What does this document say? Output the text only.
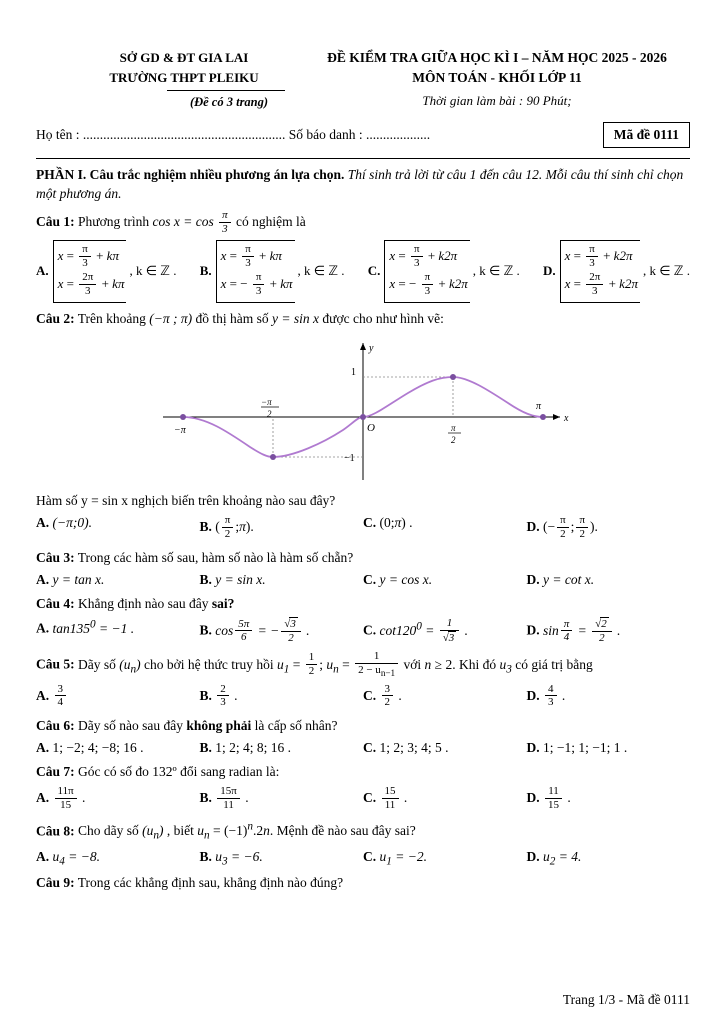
SỞ GD & ĐT GIA LAI
TRƯỜNG THPT PLEIKU
(Đề có 3 trang)
ĐỀ KIỂM TRA GIỮA HỌC KÌ I – NĂM HỌC 2025 - 2026
MÔN TOÁN - KHỐI LỚP 11
Thời gian làm bài : 90 Phút;
Họ tên : ............................................................ Số báo danh : ...................	Mã đề 0111

PHẦN I. Câu trắc nghiệm nhiều phương án lựa chọn. Thí sinh trả lời từ câu 1 đến câu 12. Mỗi câu thí sinh chỉ chọn một phương án.

Câu 1: Phương trình $\cos x = \cos \frac{\pi}{3}$ có nghiệm là

A.
$x = \frac{\pi}{3} + k\pi$
$x = \frac{2\pi}{3} + k\pi$
, k ∈ ℤ . B.
$x = \frac{\pi}{3} + k\pi$
x = − $\frac{\pi}{3} + k\pi$
, k ∈ ℤ . C.
$x = \frac{\pi}{3} + k2\pi$
x = − $\frac{\pi}{3} + k2\pi$
, k ∈ ℤ . D.
$x = \frac{\pi}{3} + k2\pi$
$x = \frac{2\pi}{3} + k2\pi$
, k ∈ ℤ .

Câu 2: Trên khoảng (−π ; π) đồ thị hàm số y = sin x được cho như hình vẽ:

−π
−π
2
π
2
π
1
−1
O
x
y

Hàm số y = sin x nghịch biến trên khoảng nào sau đây?

A. (−π;0).	B. ( $\frac{\pi}{2}$ ;π).	C. (0;π) .	D. (− $\frac{\pi}{2}$ ; $\frac{\pi}{2}$ ).

Câu 3: Trong các hàm số sau, hàm số nào là hàm số chẵn?

A. y = tan x.	B. y = sin x.	C. y = cos x.	D. y = cot x.

Câu 4: Khẳng định nào sau đây sai?

A. $\tan 135^0 = -1$ .	B. $\cos \frac{5\pi}{6}$ = − $\frac{√3}{2}$ .	C. $\cot 120^0 = \frac{1}{√3}$ .	D. $\sin \frac{\pi}{4} = \frac{√2}{2}$ .

Câu 5: Dãy số $(u_n)$ cho bởi hệ thức truy hồi $u_1 = \frac{1}{2}$ ; $u_n = \frac{1}{2 - u_{n-1}}$ với n ≥ 2. Khi đó $u_3$ có giá trị bằng

A. $\frac{3}{4}$	B. $\frac{2}{3}$ .	C. $\frac{3}{2}$ .	D. $\frac{4}{3}$ .

Câu 6: Dãy số nào sau đây không phải là cấp số nhân?

A. 1; −2; 4; −8; 16 .	B. 1; 2; 4; 8; 16 .	C. 1; 2; 3; 4; 5 .	D. 1; −1; 1; −1; 1 .

Câu 7: Góc có số đo 132º đổi sang radian là:

A. $\frac{11\pi}{15}$ .	B. $\frac{15\pi}{11}$ .	C. $\frac{15}{11}$ .	D. $\frac{11}{15}$ .

Câu 8: Cho dãy số $(u_n)$ , biết $u_n = (-1)^n.2n$. Mệnh đề nào sau đây sai?

A. $u_4 = -8$.	B. $u_3 = -6$.	C. $u_1 = -2$.	D. $u_2 = 4$.

Câu 9: Trong các khẳng định sau, khẳng định nào đúng?

Trang 1/3 - Mã đề 0111
